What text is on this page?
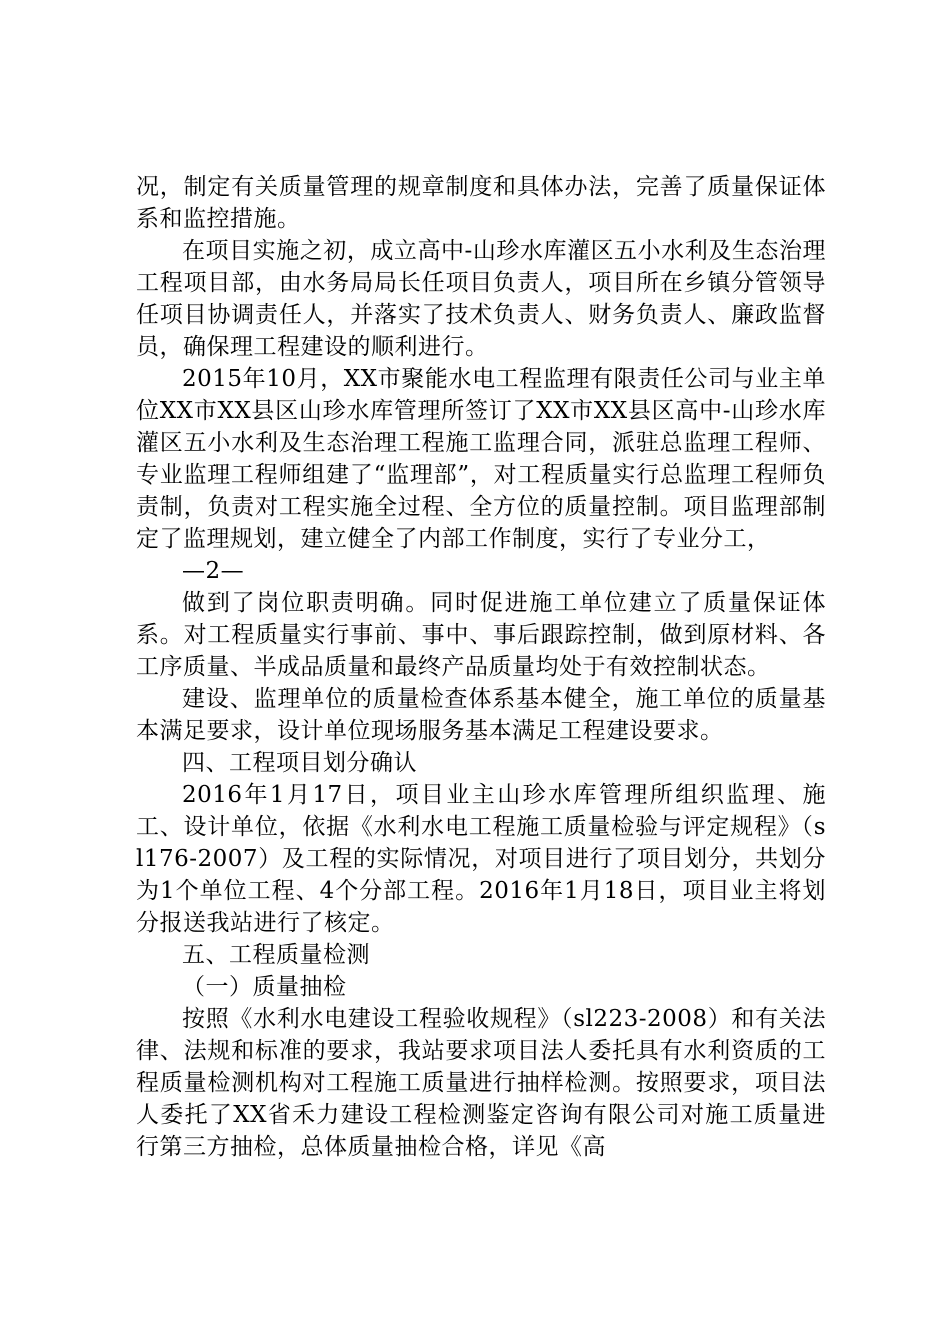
况，制定有关质量管理的规章制度和具体办法，完善了质量保证体系和监控措施。

在项目实施之初，成立高中-山珍水库灌区五小水利及生态治理工程项目部，由水务局局长任项目负责人，项目所在乡镇分管领导任项目协调责任人，并落实了技术负责人、财务负责人、廉政监督员，确保理工程建设的顺利进行。

2015年10月，XX市聚能水电工程监理有限责任公司与业主单位XX市XX县区山珍水库管理所签订了XX市XX县区高中-山珍水库灌区五小水利及生态治理工程施工监理合同，派驻总监理工程师、专业监理工程师组建了“监理部”，对工程质量实行总监理工程师负责制，负责对工程实施全过程、全方位的质量控制。项目监理部制定了监理规划，建立健全了内部工作制度，实行了专业分工，

—2—

做到了岗位职责明确。同时促进施工单位建立了质量保证体系。对工程质量实行事前、事中、事后跟踪控制，做到原材料、各工序质量、半成品质量和最终产品质量均处于有效控制状态。

建设、监理单位的质量检查体系基本健全，施工单位的质量基本满足要求，设计单位现场服务基本满足工程建设要求。

四、工程项目划分确认

2016年1月17日，项目业主山珍水库管理所组织监理、施工、设计单位，依据《水利水电工程施工质量检验与评定规程》（sl176-2007）及工程的实际情况，对项目进行了项目划分，共划分为1个单位工程、4个分部工程。2016年1月18日，项目业主将划分报送我站进行了核定。

五、工程质量检测

（一）质量抽检

按照《水利水电建设工程验收规程》（sl223-2008）和有关法律、法规和标准的要求，我站要求项目法人委托具有水利资质的工程质量检测机构对工程施工质量进行抽样检测。按照要求，项目法人委托了XX省禾力建设工程检测鉴定咨询有限公司对施工质量进行第三方抽检，总体质量抽检合格，详见《高
